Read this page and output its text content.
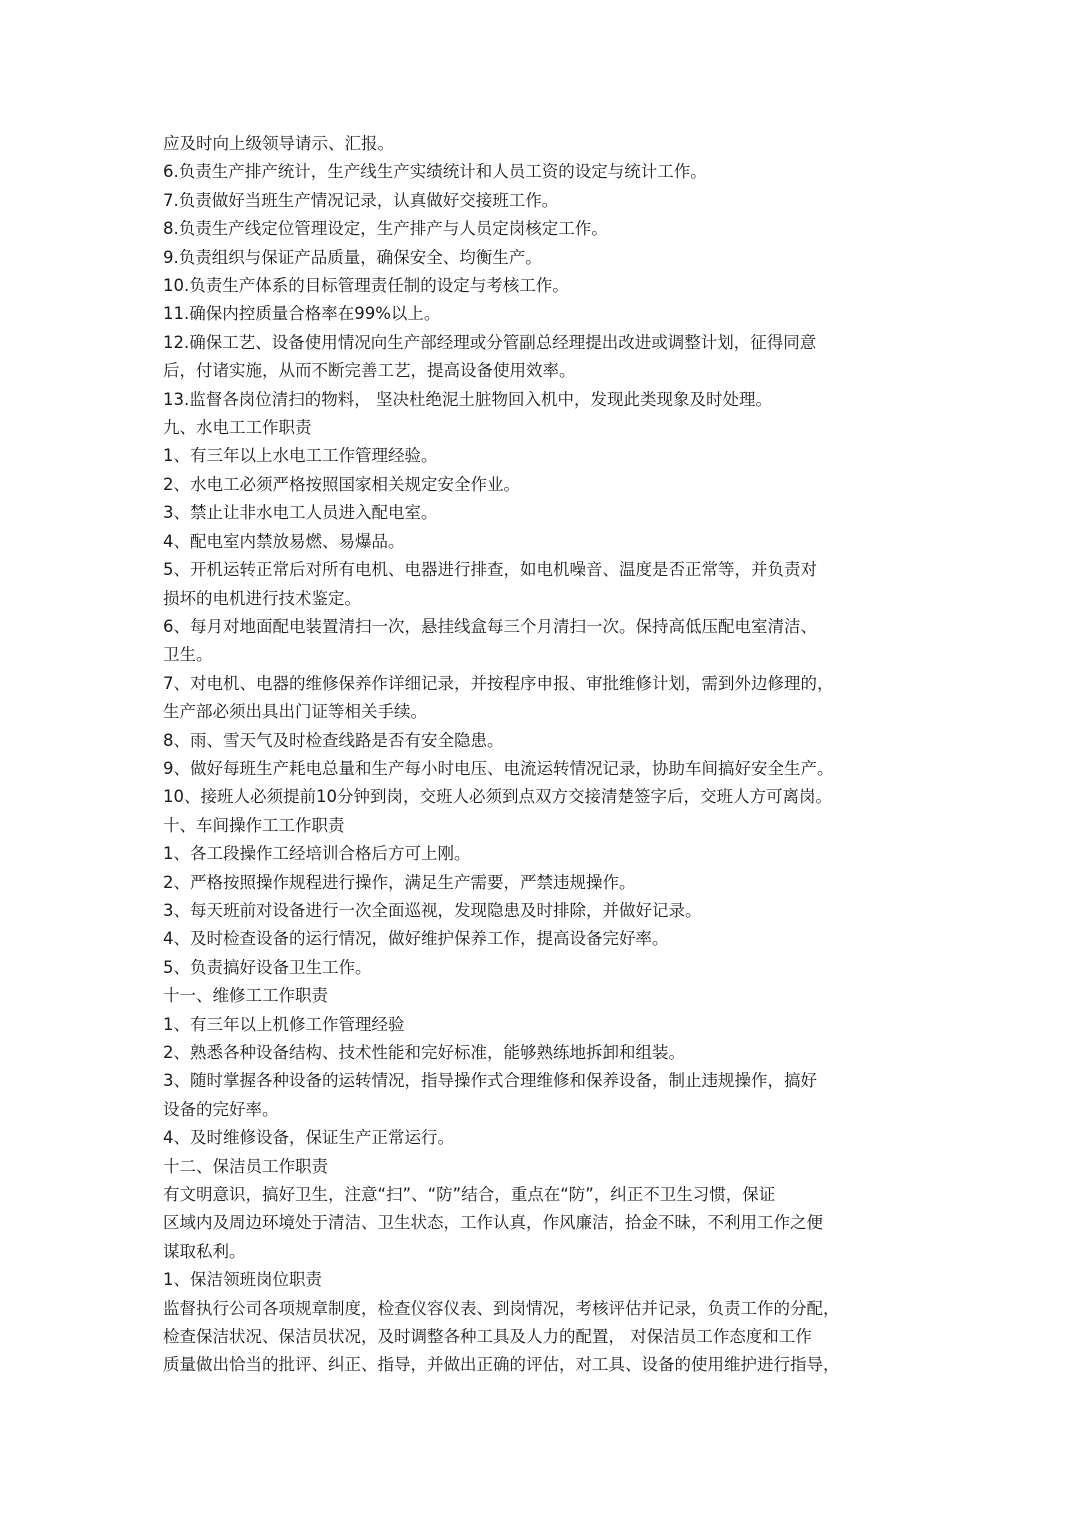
应及时向上级领导请示、汇报。

6.负责生产排产统计，生产线生产实绩统计和人员工资的设定与统计工作。

7.负责做好当班生产情况记录，认真做好交接班工作。

8.负责生产线定位管理设定，生产排产与人员定岗核定工作。

9.负责组织与保证产品质量，确保安全、均衡生产。

10.负责生产体系的目标管理责任制的设定与考核工作。

11.确保内控质量合格率在99%以上。

12.确保工艺、设备使用情况向生产部经理或分管副总经理提出改进或调整计划，征得同意

后，付诸实施，从而不断完善工艺，提高设备使用效率。

13.监督各岗位清扫的物料， 坚决杜绝泥土脏物回入机中，发现此类现象及时处理。

九、水电工工作职责

1、有三年以上水电工工作管理经验。

2、水电工必须严格按照国家相关规定安全作业。

3、禁止让非水电工人员进入配电室。

4、配电室内禁放易燃、易爆品。

5、开机运转正常后对所有电机、电器进行排查，如电机噪音、温度是否正常等，并负责对

损坏的电机进行技术鉴定。

6、每月对地面配电装置清扫一次，悬挂线盒每三个月清扫一次。保持高低压配电室清洁、

卫生。

7、对电机、电器的维修保养作详细记录，并按程序申报、审批维修计划，需到外边修理的，

生产部必须出具出门证等相关手续。

8、雨、雪天气及时检查线路是否有安全隐患。

9、做好每班生产耗电总量和生产每小时电压、电流运转情况记录，协助车间搞好安全生产。

10、接班人必须提前10分钟到岗，交班人必须到点双方交接清楚签字后，交班人方可离岗。

十、车间操作工工作职责

1、各工段操作工经培训合格后方可上刚。

2、严格按照操作规程进行操作，满足生产需要，严禁违规操作。

3、每天班前对设备进行一次全面巡视，发现隐患及时排除，并做好记录。

4、及时检查设备的运行情况，做好维护保养工作，提高设备完好率。

5、负责搞好设备卫生工作。

十一、维修工工作职责

1、有三年以上机修工作管理经验

2、熟悉各种设备结构、技术性能和完好标准，能够熟练地拆卸和组装。

3、随时掌握各种设备的运转情况，指导操作式合理维修和保养设备，制止违规操作，搞好

设备的完好率。

4、及时维修设备，保证生产正常运行。

十二、保洁员工作职责

有文明意识，搞好卫生，注意“扫”、“防”结合，重点在“防”，纠正不卫生习惯，保证

区域内及周边环境处于清洁、卫生状态，工作认真，作风廉洁，拾金不昧，不利用工作之便

谋取私利。

1、保洁领班岗位职责

监督执行公司各项规章制度，检查仪容仪表、到岗情况，考核评估并记录，负责工作的分配，

检查保洁状况、保洁员状况，及时调整各种工具及人力的配置， 对保洁员工作态度和工作

质量做出恰当的批评、纠正、指导，并做出正确的评估，对工具、设备的使用维护进行指导，
